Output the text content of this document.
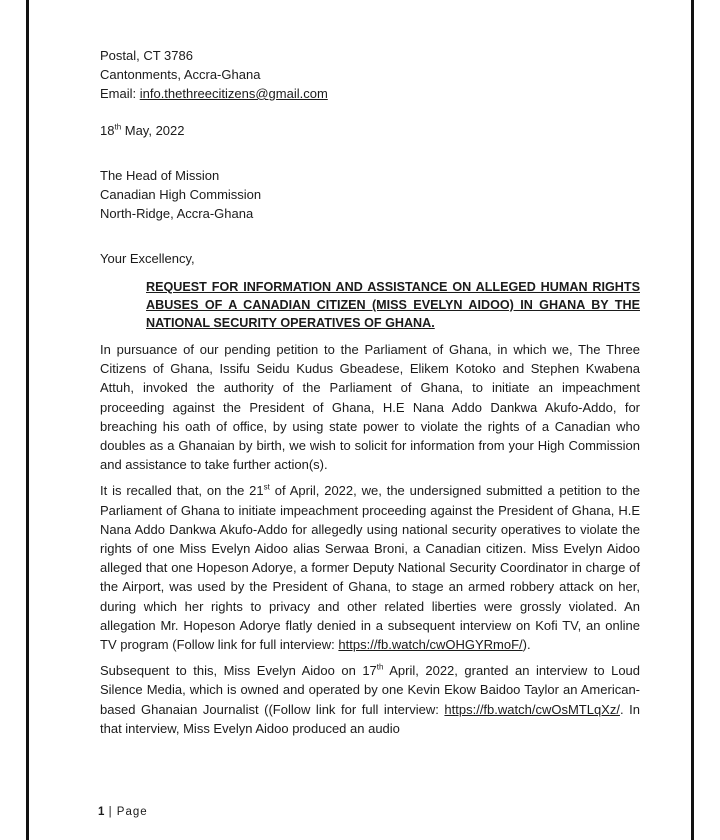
Postal, CT 3786
Cantonments, Accra-Ghana
Email: info.thethreecitizens@gmail.com
18th May, 2022
The Head of Mission
Canadian High Commission
North-Ridge, Accra-Ghana
Your Excellency,
REQUEST FOR INFORMATION AND ASSISTANCE ON ALLEGED HUMAN RIGHTS ABUSES OF A CANADIAN CITIZEN (MISS EVELYN AIDOO) IN GHANA BY THE NATIONAL SECURITY OPERATIVES OF GHANA.

In pursuance of our pending petition to the Parliament of Ghana, in which we, The Three Citizens of Ghana, Issifu Seidu Kudus Gbeadese, Elikem Kotoko and Stephen Kwabena Attuh, invoked the authority of the Parliament of Ghana, to initiate an impeachment proceeding against the President of Ghana, H.E Nana Addo Dankwa Akufo-Addo, for breaching his oath of office, by using state power to violate the rights of a Canadian who doubles as a Ghanaian by birth, we wish to solicit for information from your High Commission and assistance to take further action(s).

It is recalled that, on the 21st of April, 2022, we, the undersigned submitted a petition to the Parliament of Ghana to initiate impeachment proceeding against the President of Ghana, H.E Nana Addo Dankwa Akufo-Addo for allegedly using national security operatives to violate the rights of one Miss Evelyn Aidoo alias Serwaa Broni, a Canadian citizen. Miss Evelyn Aidoo alleged that one Hopeson Adorye, a former Deputy National Security Coordinator in charge of the Airport, was used by the President of Ghana, to stage an armed robbery attack on her, during which her rights to privacy and other related liberties were grossly violated. An allegation Mr. Hopeson Adorye flatly denied in a subsequent interview on Kofi TV, an online TV program (Follow link for full interview: https://fb.watch/cwOHGYRmoF/).

Subsequent to this, Miss Evelyn Aidoo on 17th April, 2022, granted an interview to Loud Silence Media, which is owned and operated by one Kevin Ekow Baidoo Taylor an American-based Ghanaian Journalist ((Follow link for full interview: https://fb.watch/cwOsMTLqXz/. In that interview, Miss Evelyn Aidoo produced an audio

1 | Page
